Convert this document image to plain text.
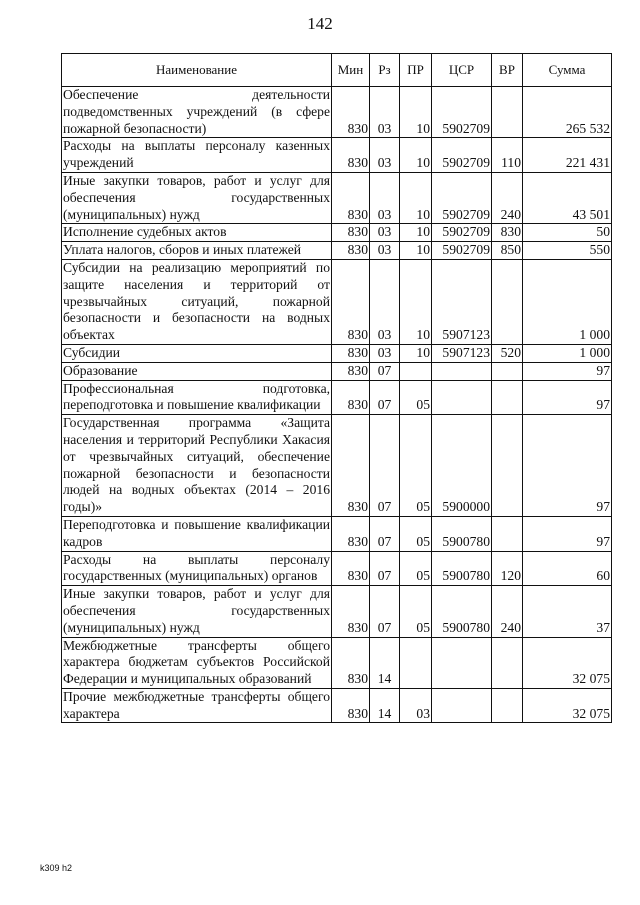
142
Наименование	Мин	Рз	ПР	ЦСР	ВР	Сумма
Обеспечение деятельности подведомственных учреждений (в сфере пожарной безопасности)	830	03	10	5902709		265 532
Расходы на выплаты персоналу казенных учреждений	830	03	10	5902709	110	221 431
Иные закупки товаров, работ и услуг для обеспечения государственных (муниципальных) нужд	830	03	10	5902709	240	43 501
Исполнение судебных актов	830	03	10	5902709	830	50
Уплата налогов, сборов и иных платежей	830	03	10	5902709	850	550
Субсидии на реализацию мероприятий по защите населения и территорий от чрезвычайных ситуаций, пожарной безопасности и безопасности на водных объектах	830	03	10	5907123		1 000
Субсидии	830	03	10	5907123	520	1 000
Образование	830	07				97
Профессиональная подготовка, переподготовка и повышение квалификации	830	07	05			97
Государственная программа «Защита населения и территорий Республики Хакасия от чрезвычайных ситуаций, обеспечение пожарной безопасности и безопасности людей на водных объектах (2014 – 2016 годы)»	830	07	05	5900000		97
Переподготовка и повышение квалификации кадров	830	07	05	5900780		97
Расходы на выплаты персоналу государственных (муниципальных) органов	830	07	05	5900780	120	60
Иные закупки товаров, работ и услуг для обеспечения государственных (муниципальных) нужд	830	07	05	5900780	240	37
Межбюджетные трансферты общего характера бюджетам субъектов Российской Федерации и муниципальных образований	830	14				32 075
Прочие межбюджетные трансферты общего характера	830	14	03			32 075
k309 h2
